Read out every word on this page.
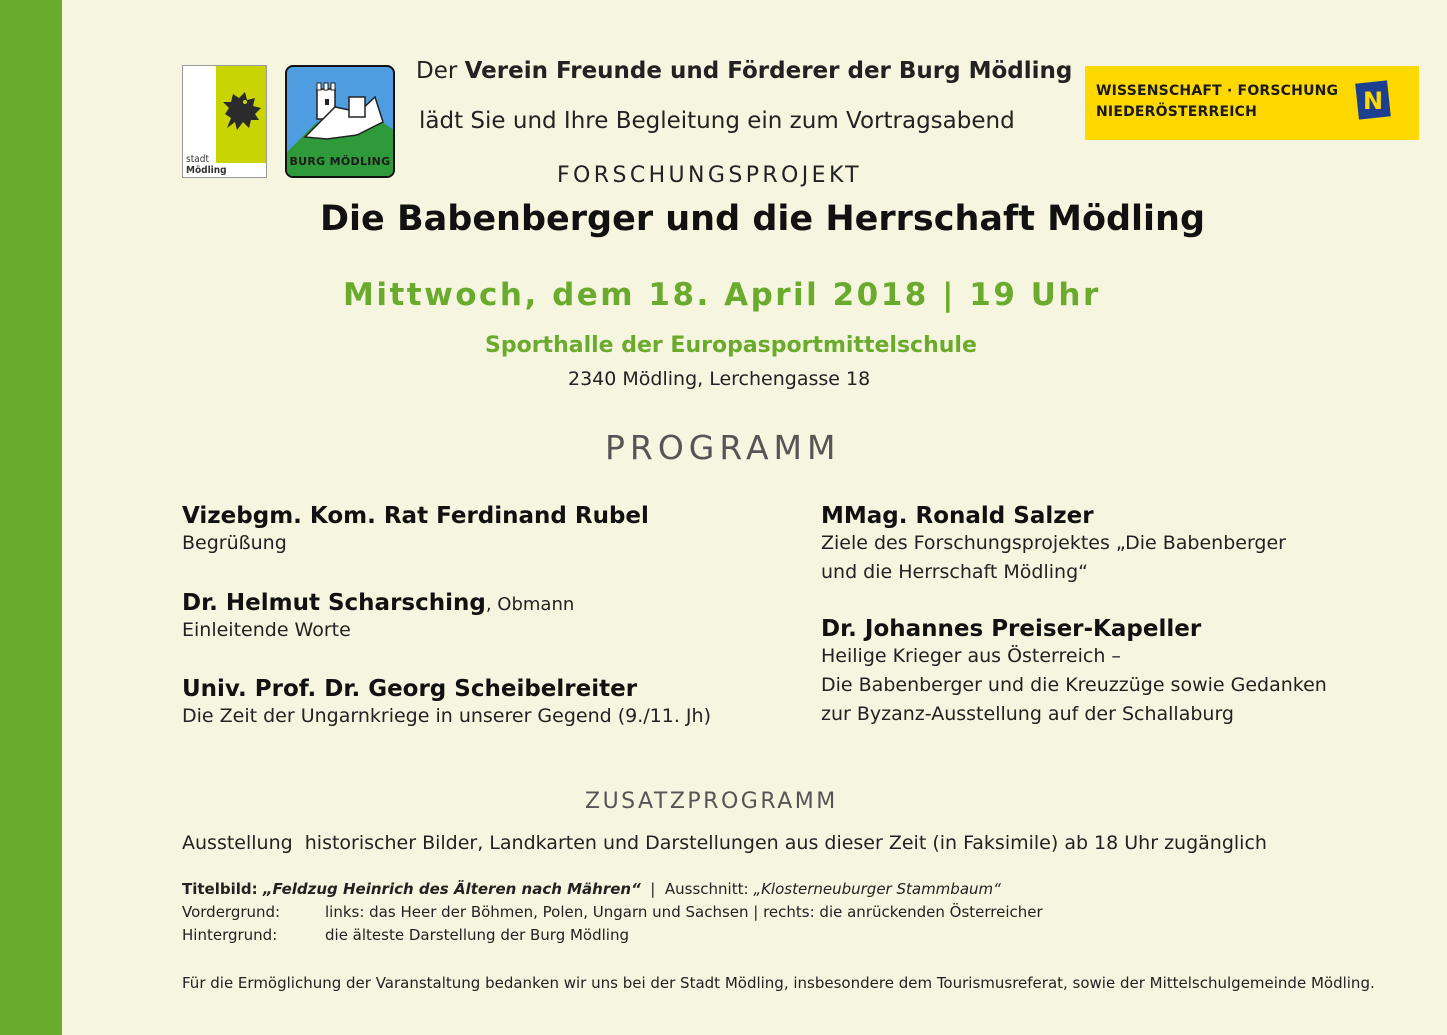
stadt
Mödling
BURG MÖDLING
WISSENSCHAFT · FORSCHUNG
NIEDERÖSTERREICH	N
Der Verein Freunde und Förderer der Burg Mödling
lädt Sie und Ihre Begleitung ein zum Vortragsabend
FORSCHUNGSPROJEKT
Die Babenberger und die Herrschaft Mödling
Mittwoch, dem 18. April 2018 | 19 Uhr
Sporthalle der Europasportmittelschule
2340 Mödling, Lerchengasse 18
PROGRAMM
Vizebgm. Kom. Rat Ferdinand Rubel
Begrüßung
Dr. Helmut Scharsching, Obmann
Einleitende Worte
Univ. Prof. Dr. Georg Scheibelreiter
Die Zeit der Ungarnkriege in unserer Gegend (9./11. Jh)
MMag. Ronald Salzer
Ziele des Forschungsprojektes „Die Babenberger
und die Herrschaft Mödling“
Dr. Johannes Preiser-Kapeller
Heilige Krieger aus Österreich –
Die Babenberger und die Kreuzzüge sowie Gedanken
zur Byzanz-Ausstellung auf der Schallaburg
ZUSATZPROGRAMM
Ausstellung  historischer Bilder, Landkarten und Darstellungen aus dieser Zeit (in Faksimile) ab 18 Uhr zugänglich
Titelbild: „Feldzug Heinrich des Älteren nach Mähren“  |  Ausschnitt: „Klosterneuburger Stammbaum“
Vordergrund:	links: das Heer der Böhmen, Polen, Ungarn und Sachsen | rechts: die anrückenden Österreicher
Hintergrund:	die älteste Darstellung der Burg Mödling
Für die Ermöglichung der Varanstaltung bedanken wir uns bei der Stadt Mödling, insbesondere dem Tourismusreferat, sowie der Mittelschulgemeinde Mödling.
